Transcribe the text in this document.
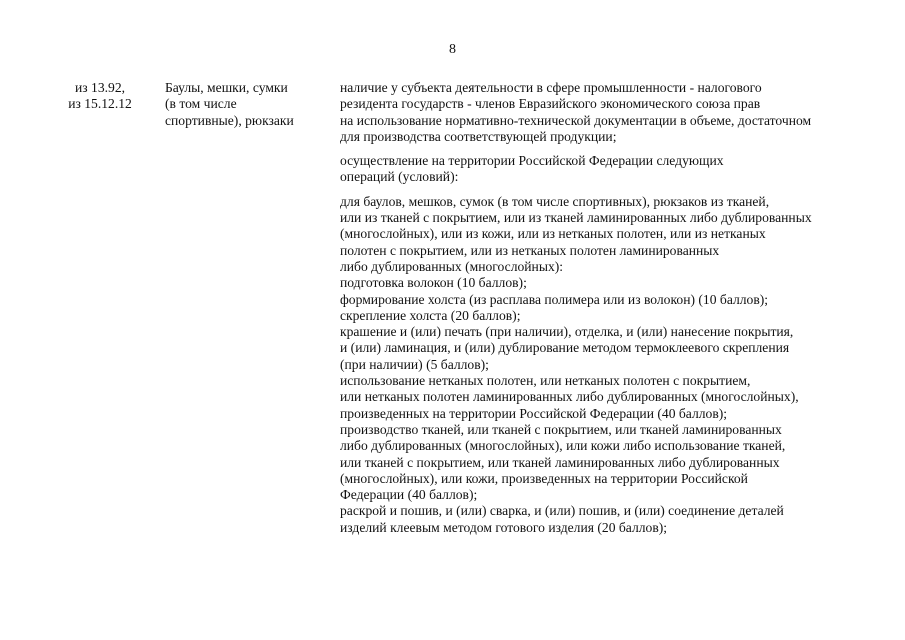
8
из 13.92,
из 15.12.12
Баулы, мешки, сумки
(в том числе
спортивные), рюкзаки
наличие у субъекта деятельности в сфере промышленности - налогового
резидента государств - членов Евразийского экономического союза прав
на использование нормативно-технической документации в объеме, достаточном
для производства соответствующей продукции;
осуществление на территории Российской Федерации следующих
операций (условий):
для баулов, мешков, сумок (в том числе спортивных), рюкзаков из тканей,
или из тканей с покрытием, или из тканей ламинированных либо дублированных
(многослойных), или из кожи, или из нетканых полотен, или из нетканых
полотен с покрытием, или из нетканых полотен ламинированных
либо дублированных (многослойных):
подготовка волокон (10 баллов);
формирование холста (из расплава полимера или из волокон) (10 баллов);
скрепление холста (20 баллов);
крашение и (или) печать (при наличии), отделка, и (или) нанесение покрытия,
и (или) ламинация, и (или) дублирование методом термоклеевого скрепления
(при наличии) (5 баллов);
использование нетканых полотен, или нетканых полотен с покрытием,
или нетканых полотен ламинированных либо дублированных (многослойных),
произведенных на территории Российской Федерации (40 баллов);
производство тканей, или тканей с покрытием, или тканей ламинированных
либо дублированных (многослойных), или кожи либо использование тканей,
или тканей с покрытием, или тканей ламинированных либо дублированных
(многослойных), или кожи, произведенных на территории Российской
Федерации (40 баллов);
раскрой и пошив, и (или) сварка, и (или) пошив, и (или) соединение деталей
изделий клеевым методом готового изделия (20 баллов);
